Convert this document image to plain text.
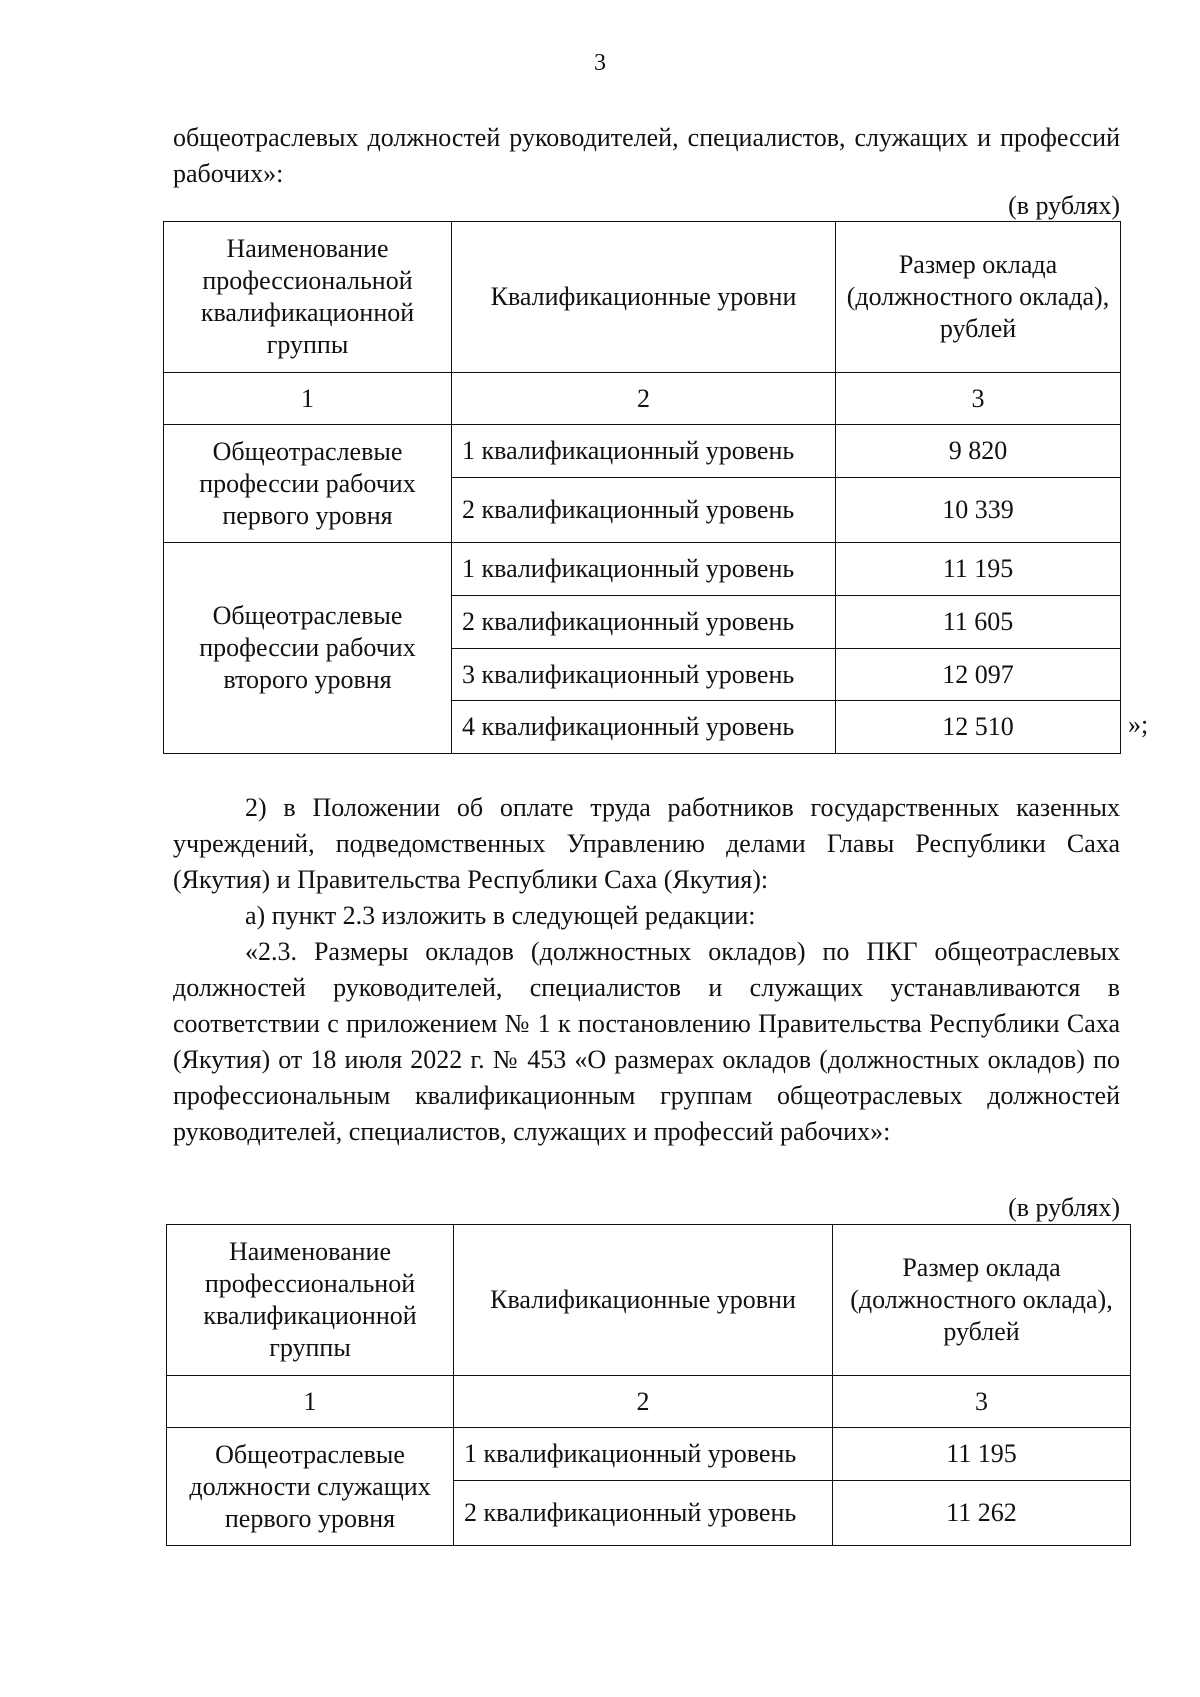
3

общеотраслевых должностей руководителей, специалистов, служащих и профессий рабочих»:

(в рублях)
Наименование профессиональной квалификационной группы	Квалификационные уровни	Размер оклада (должностного оклада), рублей
1	2	3
Общеотраслевые профессии рабочих первого уровня	1 квалификационный уровень	9 820
	2 квалификационный уровень	10 339
Общеотраслевые профессии рабочих второго уровня	1 квалификационный уровень	11 195
	2 квалификационный уровень	11 605
	3 квалификационный уровень	12 097
	4 квалификационный уровень	12 510	»;

2) в Положении об оплате труда работников государственных казенных учреждений, подведомственных Управлению делами Главы Республики Саха (Якутия) и Правительства Республики Саха (Якутия):

а) пункт 2.3 изложить в следующей редакции:

«2.3. Размеры окладов (должностных окладов) по ПКГ общеотраслевых должностей руководителей, специалистов и служащих устанавливаются в соответствии с приложением № 1 к постановлению Правительства Республики Саха (Якутия) от 18 июля 2022 г. № 453 «О размерах окладов (должностных окладов) по профессиональным квалификационным группам общеотраслевых должностей руководителей, специалистов, служащих и профессий рабочих»:

(в рублях)
Наименование профессиональной квалификационной группы	Квалификационные уровни	Размер оклада (должностного оклада), рублей
1	2	3
Общеотраслевые должности служащих первого уровня	1 квалификационный уровень	11 195
	2 квалификационный уровень	11 262
